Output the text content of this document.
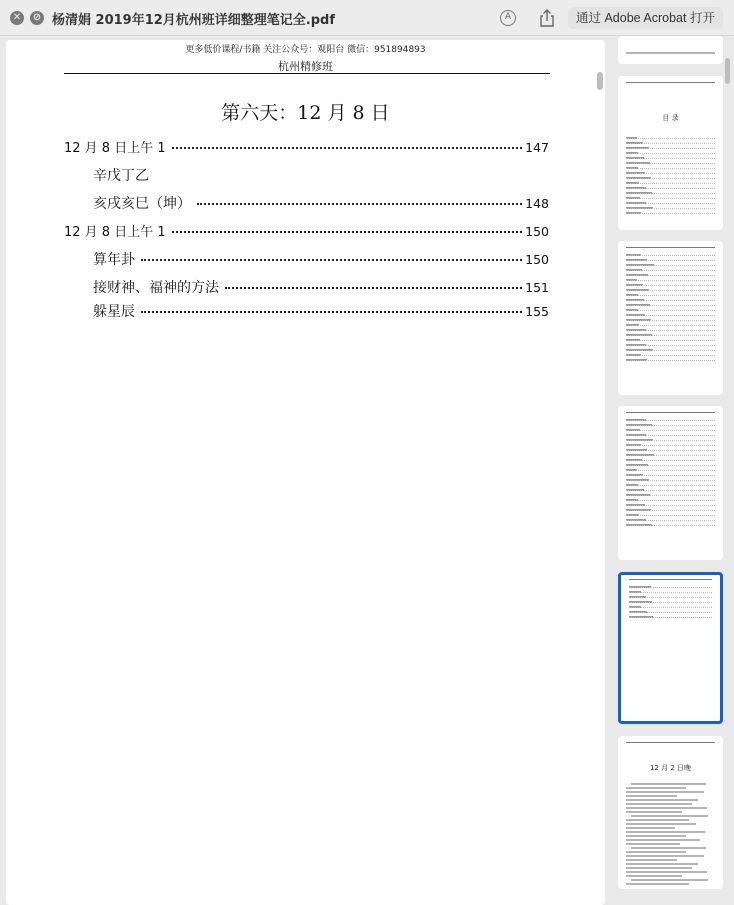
✕ ⊘ 杨清娟 2019年12月杭州班详细整理笔记全.pdf	A	通过 Adobe Acrobat 打开
更多低价课程/书籍 关注公众号：观阳台 微信：951894893
杭州精修班
第六天：12 月 8 日
12 月 8 日上午 1	147
辛戊丁乙
亥戌亥巳（坤）	148
12 月 8 日上午 1	150
算年卦	150
接财神、福神的方法	151
躲星辰	155
目 录
12 月 2 日晚
